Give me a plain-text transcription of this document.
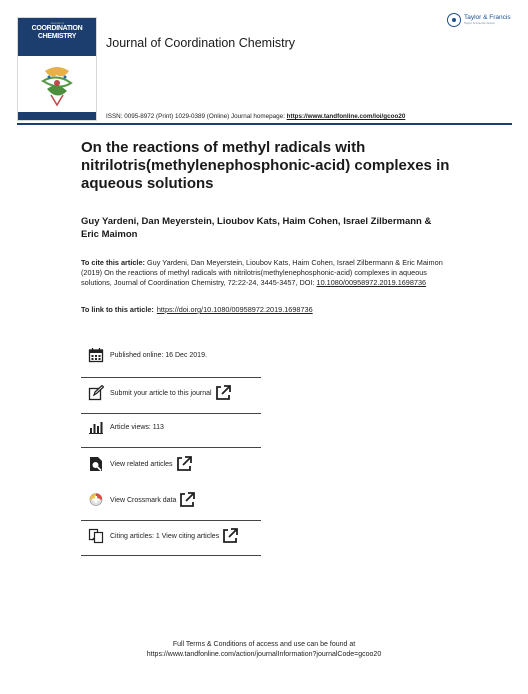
Journal of
COORDINATION
CHEMISTRY	Journal of Coordination Chemistry
Taylor & Francis
Taylor & Francis Group
ISSN: 0095-8972 (Print) 1029-0389 (Online) Journal homepage: https://www.tandfonline.com/loi/gcoo20
On the reactions of methyl radicals with nitrilotris(methylenephosphonic-acid) complexes in aqueous solutions
Guy Yardeni, Dan Meyerstein, Lioubov Kats, Haim Cohen, Israel Zilbermann & Eric Maimon
To cite this article: Guy Yardeni, Dan Meyerstein, Lioubov Kats, Haim Cohen, Israel Zilbermann & Eric Maimon (2019) On the reactions of methyl radicals with nitrilotris(methylenephosphonic-acid) complexes in aqueous solutions, Journal of Coordination Chemistry, 72:22-24, 3445-3457, DOI: 10.1080/00958972.2019.1698736
To link to this article: https://doi.org/10.1080/00958972.2019.1698736
Published online: 16 Dec 2019.
Submit your article to this journal
Article views: 113
View related articles
View Crossmark data
Citing articles: 1 View citing articles
Full Terms & Conditions of access and use can be found at
https://www.tandfonline.com/action/journalInformation?journalCode=gcoo20
